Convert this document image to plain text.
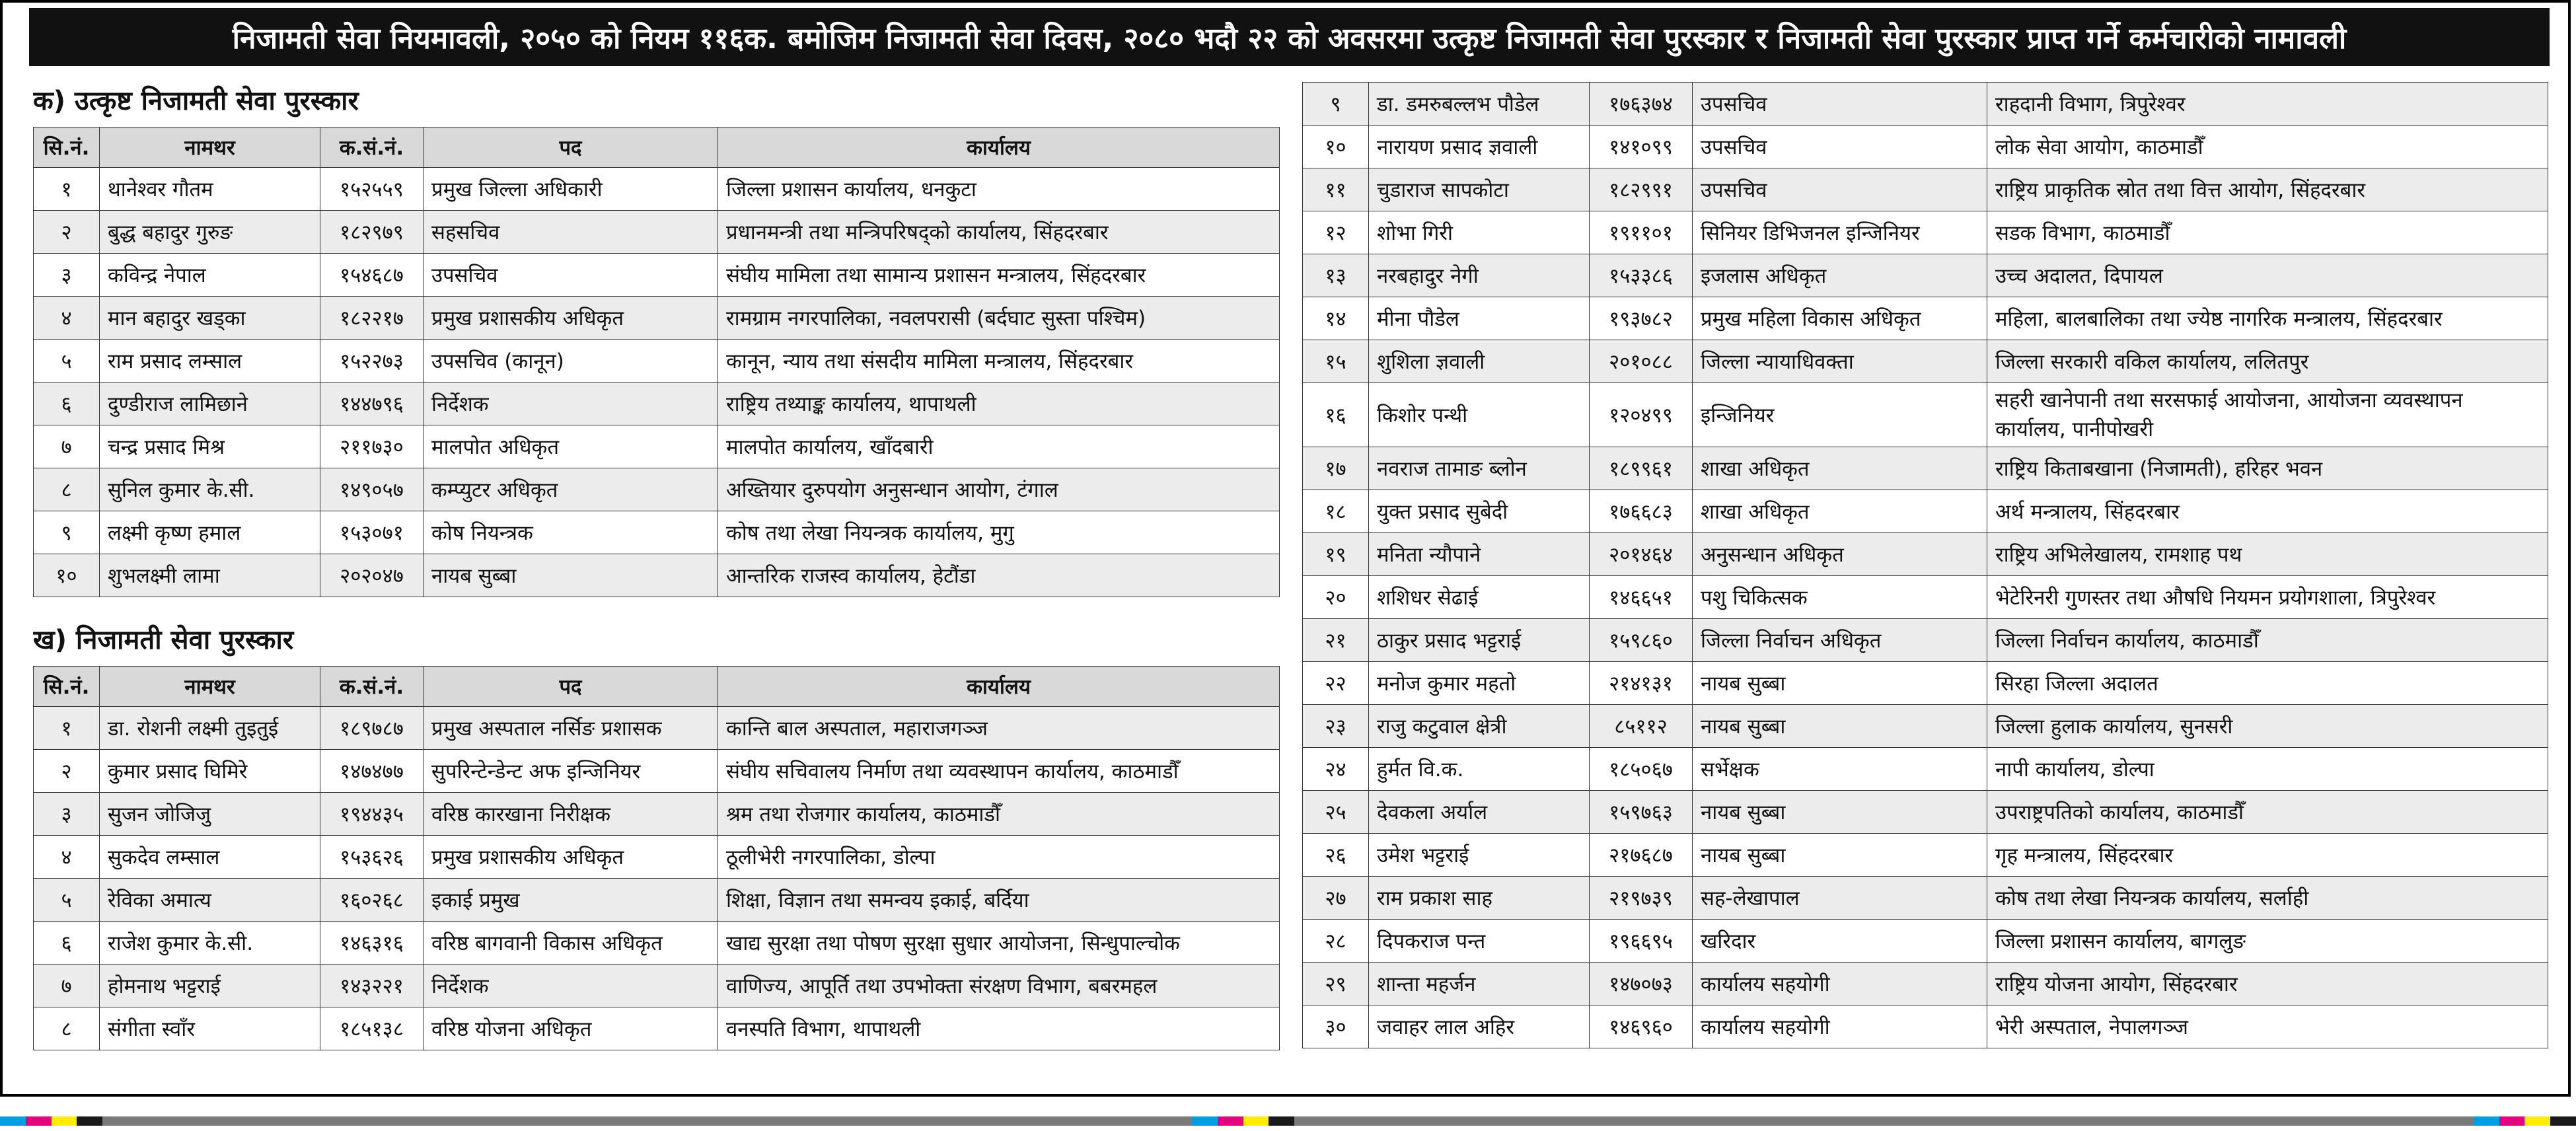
निजामती सेवा नियमावली, २०५० को नियम ११६क. बमोजिम निजामती सेवा दिवस, २०८० भदौ २२ को अवसरमा उत्कृष्ट निजामती सेवा पुरस्कार र निजामती सेवा पुरस्कार प्राप्त गर्ने कर्मचारीको नामावली
क) उत्कृष्ट निजामती सेवा पुरस्कार
सि.नं.	नामथर	क.सं.नं.	पद	कार्यालय
१	थानेश्वर गौतम	१५२५५९	प्रमुख जिल्ला अधिकारी	जिल्ला प्रशासन कार्यालय, धनकुटा
२	बुद्ध बहादुर गुरुङ	१८२९७९	सहसचिव	प्रधानमन्त्री तथा मन्त्रिपरिषद्को कार्यालय, सिंहदरबार
३	कविन्द्र नेपाल	१५४६८७	उपसचिव	संघीय मामिला तथा सामान्य प्रशासन मन्त्रालय, सिंहदरबार
४	मान बहादुर खड्का	१८२२१७	प्रमुख प्रशासकीय अधिकृत	रामग्राम नगरपालिका, नवलपरासी (बर्दघाट सुस्ता पश्चिम)
५	राम प्रसाद लम्साल	१५२२७३	उपसचिव (कानून)	कानून, न्याय तथा संसदीय मामिला मन्त्रालय, सिंहदरबार
६	दुण्डीराज लामिछाने	१४४७९६	निर्देशक	राष्ट्रिय तथ्याङ्क कार्यालय, थापाथली
७	चन्द्र प्रसाद मिश्र	२११७३०	मालपोत अधिकृत	मालपोत कार्यालय, खाँदबारी
८	सुनिल कुमार के.सी.	१४९०५७	कम्प्युटर अधिकृत	अख्तियार दुरुपयोग अनुसन्धान आयोग, टंगाल
९	लक्ष्मी कृष्ण हमाल	१५३०७१	कोष नियन्त्रक	कोष तथा लेखा नियन्त्रक कार्यालय, मुगु
१०	शुभलक्ष्मी लामा	२०२०४७	नायब सुब्बा	आन्तरिक राजस्व कार्यालय, हेटौंडा
ख) निजामती सेवा पुरस्कार
सि.नं.	नामथर	क.सं.नं.	पद	कार्यालय
१	डा. रोशनी लक्ष्मी तुइतुई	१८९७८७	प्रमुख अस्पताल नर्सिङ प्रशासक	कान्ति बाल अस्पताल, महाराजगञ्ज
२	कुमार प्रसाद घिमिरे	१४७४७७	सुपरिन्टेन्डेन्ट अफ इन्जिनियर	संघीय सचिवालय निर्माण तथा व्यवस्थापन कार्यालय, काठमाडौँ
३	सुजन जोजिजु	१९४४३५	वरिष्ठ कारखाना निरीक्षक	श्रम तथा रोजगार कार्यालय, काठमाडौँ
४	सुकदेव लम्साल	१५३६२६	प्रमुख प्रशासकीय अधिकृत	ठूलीभेरी नगरपालिका, डोल्पा
५	रेविका अमात्य	१६०२६८	इकाई प्रमुख	शिक्षा, विज्ञान तथा समन्वय इकाई, बर्दिया
६	राजेश कुमार के.सी.	१४६३१६	वरिष्ठ बागवानी विकास अधिकृत	खाद्य सुरक्षा तथा पोषण सुरक्षा सुधार आयोजना, सिन्धुपाल्चोक
७	होमनाथ भट्टराई	१४३२२१	निर्देशक	वाणिज्य, आपूर्ति तथा उपभोक्ता संरक्षण विभाग, बबरमहल
८	संगीता स्वाँर	१८५१३८	वरिष्ठ योजना अधिकृत	वनस्पति विभाग, थापाथली
९	डा. डमरुबल्लभ पौडेल	१७६३७४	उपसचिव	राहदानी विभाग, त्रिपुरेश्वर
१०	नारायण प्रसाद ज्ञवाली	१४१०९९	उपसचिव	लोक सेवा आयोग, काठमाडौँ
११	चुडाराज सापकोटा	१८२९९१	उपसचिव	राष्ट्रिय प्राकृतिक स्रोत तथा वित्त आयोग, सिंहदरबार
१२	शोभा गिरी	१९११०१	सिनियर डिभिजनल इन्जिनियर	सडक विभाग, काठमाडौँ
१३	नरबहादुर नेगी	१५३३८६	इजलास अधिकृत	उच्च अदालत, दिपायल
१४	मीना पौडेल	१९३७८२	प्रमुख महिला विकास अधिकृत	महिला, बालबालिका तथा ज्येष्ठ नागरिक मन्त्रालय, सिंहदरबार
१५	शुशिला ज्ञवाली	२०१०८८	जिल्ला न्यायाधिवक्ता	जिल्ला सरकारी वकिल कार्यालय, ललितपुर
१६	किशोर पन्थी	१२०४९९	इन्जिनियर	सहरी खानेपानी तथा सरसफाई आयोजना, आयोजना व्यवस्थापन कार्यालय, पानीपोखरी
१७	नवराज तामाङ ब्लोन	१८९९६१	शाखा अधिकृत	राष्ट्रिय किताबखाना (निजामती), हरिहर भवन
१८	युक्त प्रसाद सुबेदी	१७६६८३	शाखा अधिकृत	अर्थ मन्त्रालय, सिंहदरबार
१९	मनिता न्यौपाने	२०१४६४	अनुसन्धान अधिकृत	राष्ट्रिय अभिलेखालय, रामशाह पथ
२०	शशिधर सेढाई	१४६६५१	पशु चिकित्सक	भेटेरिनरी गुणस्तर तथा औषधि नियमन प्रयोगशाला, त्रिपुरेश्वर
२१	ठाकुर प्रसाद भट्टराई	१५९८६०	जिल्ला निर्वाचन अधिकृत	जिल्ला निर्वाचन कार्यालय, काठमाडौँ
२२	मनोज कुमार महतो	२१४१३१	नायब सुब्बा	सिरहा जिल्ला अदालत
२३	राजु कटुवाल क्षेत्री	८५११२	नायब सुब्बा	जिल्ला हुलाक कार्यालय, सुनसरी
२४	हुर्मत वि.क.	१८५०६७	सर्भेक्षक	नापी कार्यालय, डोल्पा
२५	देवकला अर्याल	१५९७६३	नायब सुब्बा	उपराष्ट्रपतिको कार्यालय, काठमाडौँ
२६	उमेश भट्टराई	२१७६८७	नायब सुब्बा	गृह मन्त्रालय, सिंहदरबार
२७	राम प्रकाश साह	२१९७३९	सह-लेखापाल	कोष तथा लेखा नियन्त्रक कार्यालय, सर्लाही
२८	दिपकराज पन्त	१९६६९५	खरिदार	जिल्ला प्रशासन कार्यालय, बागलुङ
२९	शान्ता महर्जन	१४७०७३	कार्यालय सहयोगी	राष्ट्रिय योजना आयोग, सिंहदरबार
३०	जवाहर लाल अहिर	१४६९६०	कार्यालय सहयोगी	भेरी अस्पताल, नेपालगञ्ज
